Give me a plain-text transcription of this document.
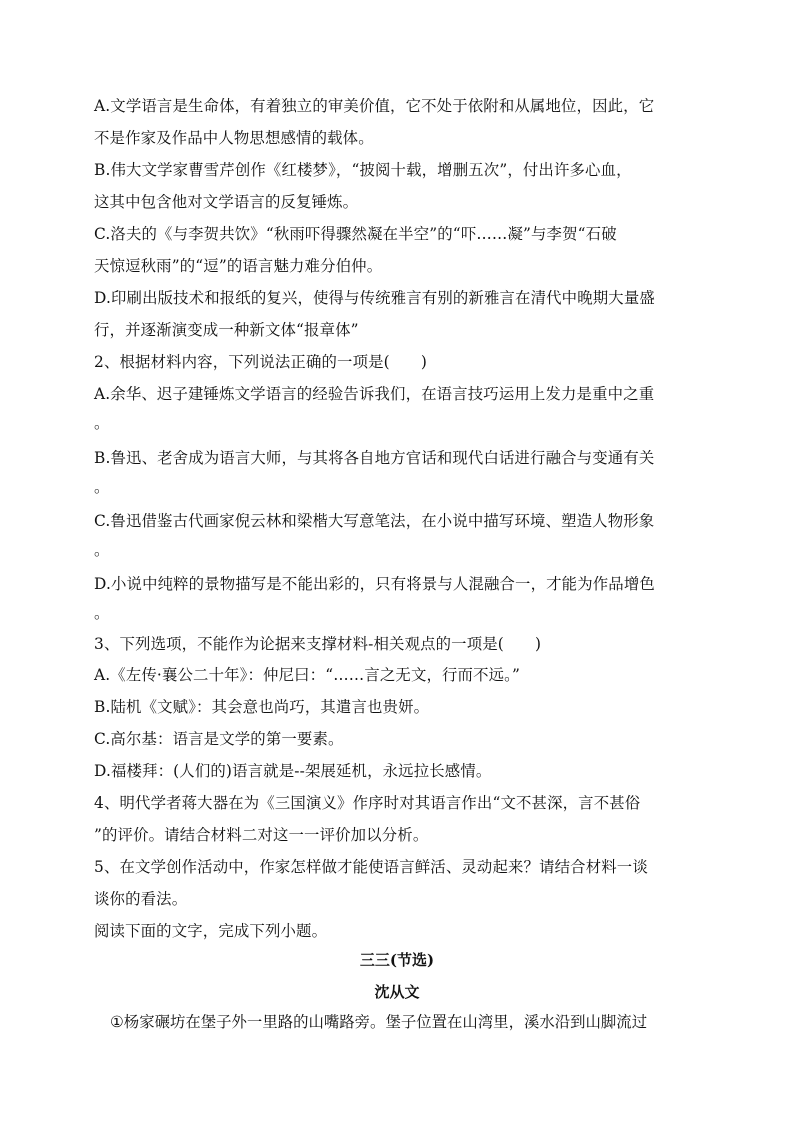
A.文学语言是生命体，有着独立的审美价值，它不处于依附和从属地位，因此，它
不是作家及作品中人物思想感情的载体。
B.伟大文学家曹雪芹创作《红楼梦》，“披阅十载，增删五次”，付出许多心血，
这其中包含他对文学语言的反复锤炼。
C.洛夫的《与李贺共饮》“秋雨吓得骤然凝在半空”的“吓……凝”与李贺“石破
天惊逗秋雨”的“逗”的语言魅力难分伯仲。
D.印刷出版技术和报纸的复兴，使得与传统雅言有别的新雅言在清代中晚期大量盛
行，并逐渐演变成一种新文体“报章体”
2、根据材料内容，下列说法正确的一项是(　　)
A.余华、迟子建锤炼文学语言的经验告诉我们，在语言技巧运用上发力是重中之重
。
B.鲁迅、老舍成为语言大师，与其将各自地方官话和现代白话进行融合与变通有关
。
C.鲁迅借鉴古代画家倪云林和梁楷大写意笔法，在小说中描写环境、塑造人物形象
。
D.小说中纯粹的景物描写是不能出彩的，只有将景与人混融合一，才能为作品增色
。
3、下列选项，不能作为论据来支撑材料-相关观点的一项是(　　)
A.《左传·襄公二十年》：仲尼曰：“……言之无文，行而不远。”
B.陆机《文赋》：其会意也尚巧，其遣言也贵妍。
C.高尔基：语言是文学的第一要素。
D.福楼拜：(人们的)语言就是--架展延机，永远拉长感情。
4、明代学者蒋大器在为《三国演义》作序时对其语言作出“文不甚深，言不甚俗
”的评价。请结合材料二对这一一评价加以分析。
5、在文学创作活动中，作家怎样做才能使语言鲜活、灵动起来？请结合材料一谈
谈你的看法。
阅读下面的文字，完成下列小题。
三三(节选)
沈从文
①杨家碾坊在堡子外一里路的山嘴路旁。堡子位置在山湾里，溪水沿到山脚流过
